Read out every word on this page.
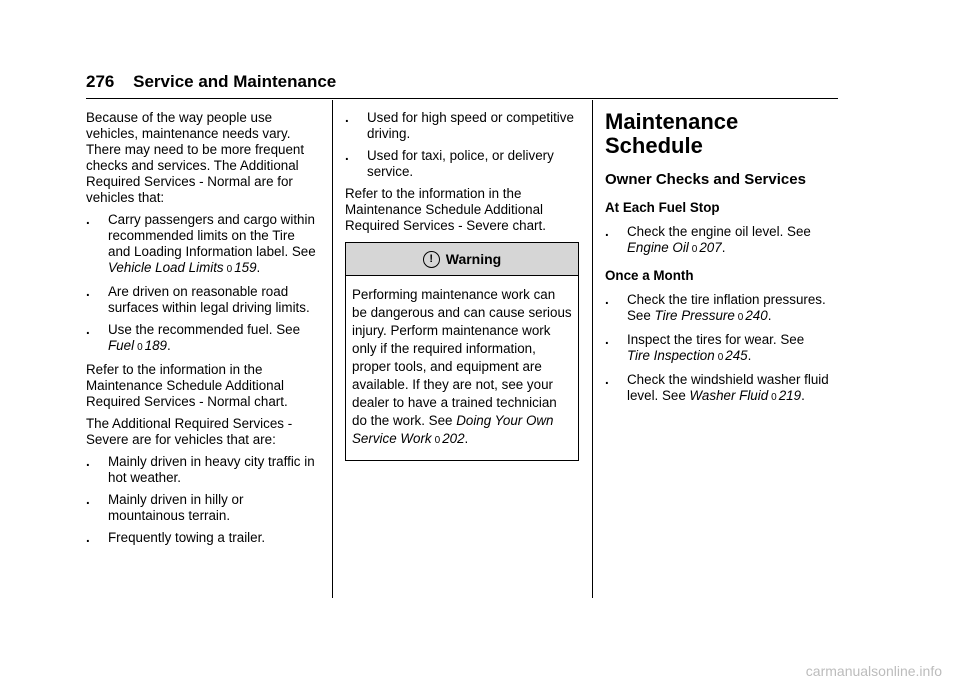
276 Service and Maintenance

Because of the way people use vehicles, maintenance needs vary. There may need to be more frequent checks and services. The Additional Required Services - Normal are for vehicles that:

.	Carry passengers and cargo within recommended limits on the Tire and Loading Information label. See Vehicle Load Limits 0 159.
.	Are driven on reasonable road surfaces within legal driving limits.
.	Use the recommended fuel. See
Fuel 0 189.

Refer to the information in the Maintenance Schedule Additional Required Services - Normal chart.

The Additional Required Services - Severe are for vehicles that are:

.	Mainly driven in heavy city traffic in hot weather.
.	Mainly driven in hilly or mountainous terrain.
.	Frequently towing a trailer.
.	Used for high speed or competitive driving.
.	Used for taxi, police, or delivery service.

Refer to the information in the Maintenance Schedule Additional Required Services - Severe chart.

! Warning
Performing maintenance work can be dangerous and can cause serious injury. Perform maintenance work only if the required information, proper tools, and equipment are available. If they are not, see your dealer to have a trained technician do the work. See Doing Your Own Service Work 0 202.
Maintenance Schedule
Owner Checks and Services
At Each Fuel Stop
.	Check the engine oil level. See Engine Oil 0 207.
Once a Month
.	Check the tire inflation pressures. See Tire Pressure 0 240.
.	Inspect the tires for wear. See
Tire Inspection 0 245.
.	Check the windshield washer fluid level. See Washer Fluid 0 219.
carmanualsonline.info
